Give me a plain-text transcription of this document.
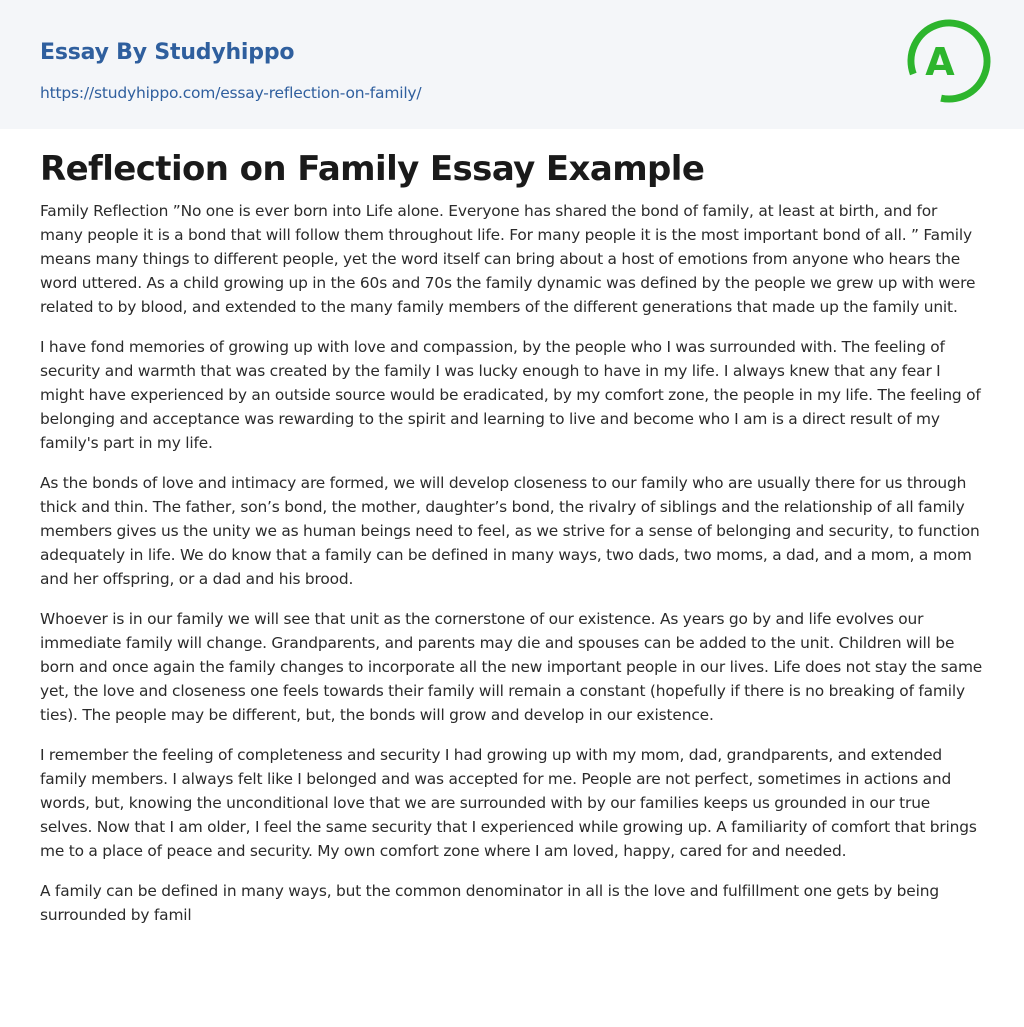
Essay By Studyhippo
https://studyhippo.com/essay-reflection-on-family/
A
Reflection on Family Essay Example

Family Reflection ”No one is ever born into Life alone. Everyone has shared the bond of family, at least at birth, and for many people it is a bond that will follow them throughout life. For many people it is the most important bond of all. ” Family means many things to different people, yet the word itself can bring about a host of emotions from anyone who hears the word uttered. As a child growing up in the 60s and 70s the family dynamic was defined by the people we grew up with were related to by blood, and extended to the many family members of the different generations that made up the family unit.

I have fond memories of growing up with love and compassion, by the people who I was surrounded with. The feeling of security and warmth that was created by the family I was lucky enough to have in my life. I always knew that any fear I might have experienced by an outside source would be eradicated, by my comfort zone, the people in my life. The feeling of belonging and acceptance was rewarding to the spirit and learning to live and become who I am is a direct result of my family's part in my life.

As the bonds of love and intimacy are formed, we will develop closeness to our family who are usually there for us through thick and thin. The father, son’s bond, the mother, daughter’s bond, the rivalry of siblings and the relationship of all family members gives us the unity we as human beings need to feel, as we strive for a sense of belonging and security, to function adequately in life. We do know that a family can be defined in many ways, two dads, two moms, a dad, and a mom, a mom and her offspring, or a dad and his brood.

Whoever is in our family we will see that unit as the cornerstone of our existence. As years go by and life evolves our immediate family will change. Grandparents, and parents may die and spouses can be added to the unit. Children will be born and once again the family changes to incorporate all the new important people in our lives. Life does not stay the same yet, the love and closeness one feels towards their family will remain a constant (hopefully if there is no breaking of family ties). The people may be different, but, the bonds will grow and develop in our existence.

I remember the feeling of completeness and security I had growing up with my mom, dad, grandparents, and extended family members. I always felt like I belonged and was accepted for me. People are not perfect, sometimes in actions and words, but, knowing the unconditional love that we are surrounded with by our families keeps us grounded in our true selves. Now that I am older, I feel the same security that I experienced while growing up. A familiarity of comfort that brings me to a place of peace and security. My own comfort zone where I am loved, happy, cared for and needed.

A family can be defined in many ways, but the common denominator in all is the love and fulfillment one gets by being surrounded by famil
